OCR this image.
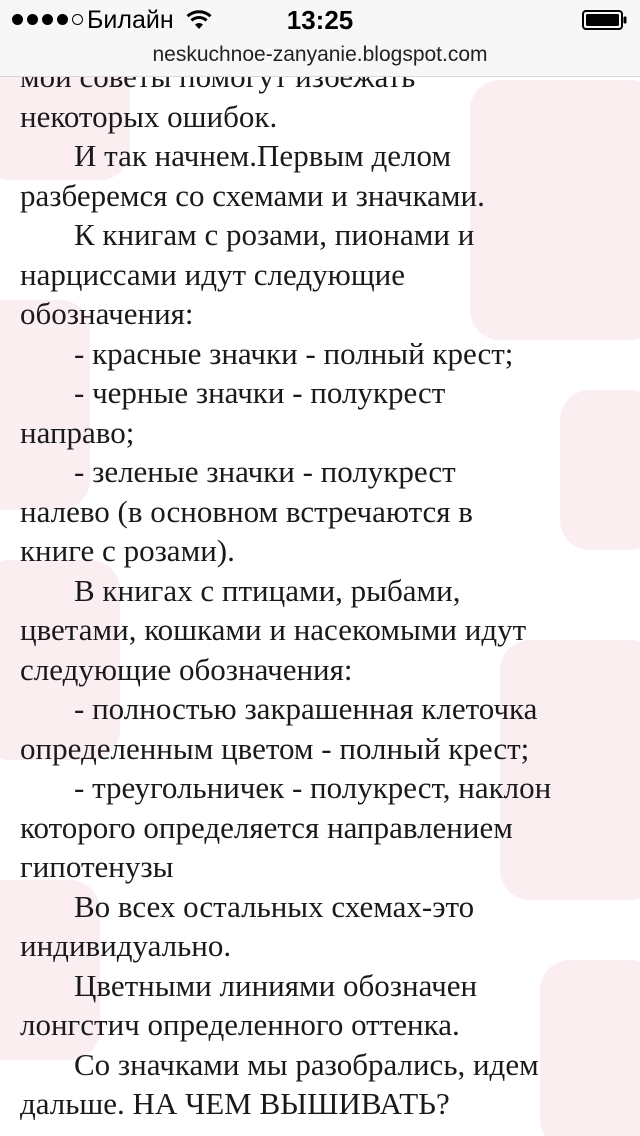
Билайн	13:25
neskuchnoe-zanyanie.blogspot.com
некоторых ошибок.
И так начнем.Первым делом
разберемся со схемами и значками.
К книгам с розами, пионами и
нарциссами идут следующие
обозначения:
- красные значки - полный крест;
- черные значки - полукрест
направо;
- зеленые значки - полукрест
налево (в основном встречаются в
книге с розами).
В книгах с птицами, рыбами,
цветами, кошками и насекомыми идут
следующие обозначения:
- полностью закрашенная клеточка
определенным цветом - полный крест;
- треугольничек - полукрест, наклон
которого определяется направлением
гипотенузы
Во всех остальных схемах-это
индивидуально.
Цветными линиями обозначен
лонгстич определенного оттенка.
Со значками мы разобрались, идем
дальше. НА ЧЕМ ВЫШИВАТЬ?
